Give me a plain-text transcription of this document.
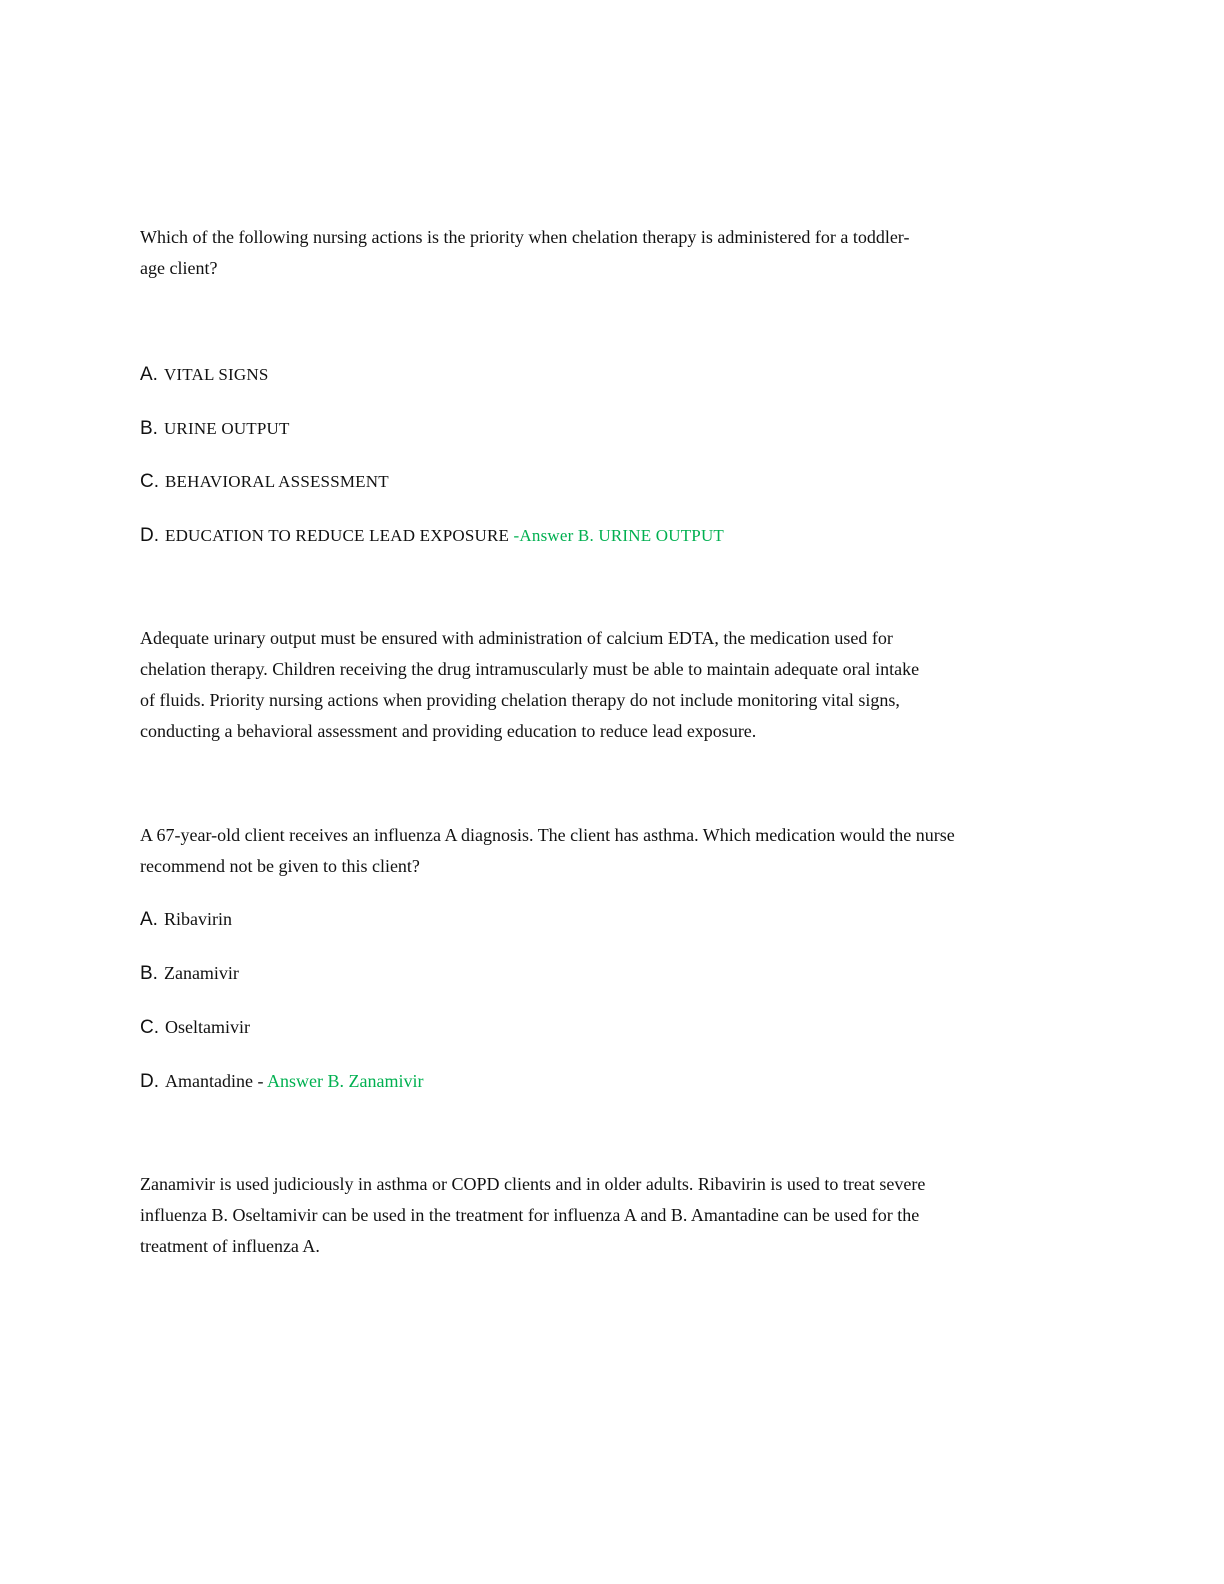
Which of the following nursing actions is the priority when chelation therapy is administered for a toddler-
age client?
A. VITAL SIGNS
B. URINE OUTPUT
C. BEHAVIORAL ASSESSMENT
D. EDUCATION TO REDUCE LEAD EXPOSURE -Answer B. URINE OUTPUT
Adequate urinary output must be ensured with administration of calcium EDTA, the medication used for
chelation therapy. Children receiving the drug intramuscularly must be able to maintain adequate oral intake
of fluids. Priority nursing actions when providing chelation therapy do not include monitoring vital signs,
conducting a behavioral assessment and providing education to reduce lead exposure.
A 67-year-old client receives an influenza A diagnosis. The client has asthma. Which medication would the nurse
recommend not be given to this client?
A. Ribavirin
B. Zanamivir
C. Oseltamivir
D. Amantadine - Answer B. Zanamivir
Zanamivir is used judiciously in asthma or COPD clients and in older adults. Ribavirin is used to treat severe
influenza B. Oseltamivir can be used in the treatment for influenza A and B. Amantadine can be used for the
treatment of influenza A.
